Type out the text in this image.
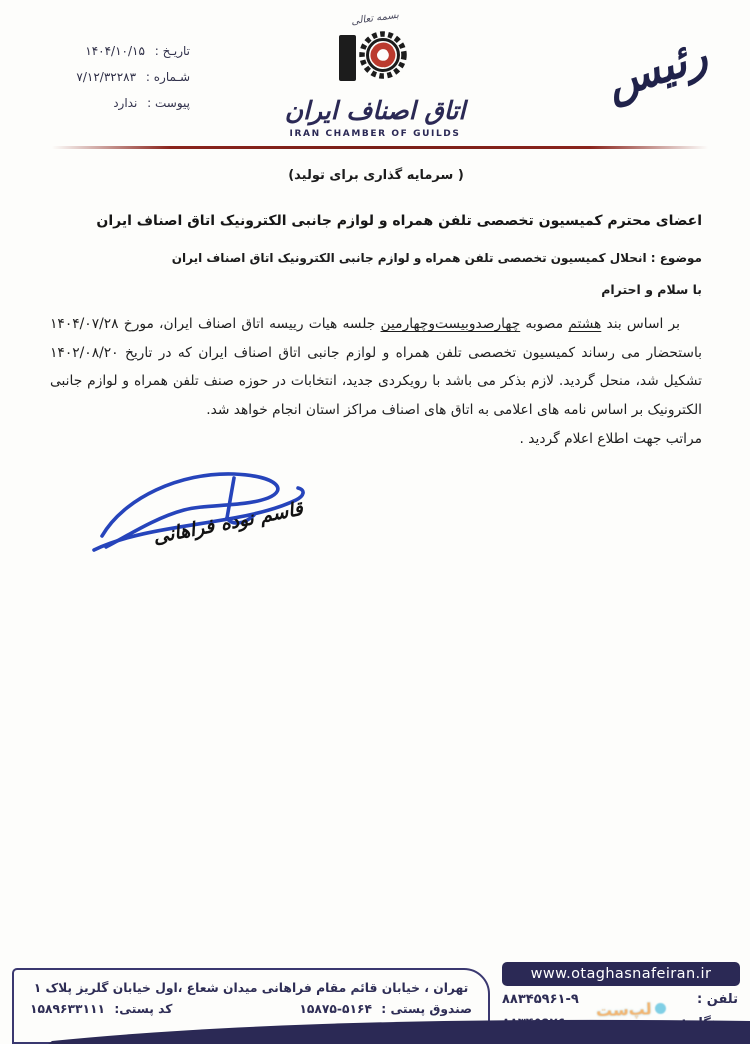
تاریـخ : ۱۴۰۴/۱۰/۱۵
شـماره : ۷/۱۲/۳۲۲۸۳
پیوست : ندارد
بسمه تعالی

اتاق اصناف ایران
IRAN CHAMBER OF GUILDS
رئیس
( سرمایه گذاری برای تولید)
اعضای محترم کمیسیون تخصصی تلفن همراه و لوازم جانبی الکترونیک اتاق اصناف ایران
موضوع : انحلال کمیسیون تخصصی تلفن همراه و لوازم جانبی الکترونیک اتاق اصناف ایران
با سلام و احترام
بر اساس بند هشتم مصوبه چهارصدوبیست‌وچهارمین جلسه هیات رییسه اتاق اصناف ایران، مورخ ۱۴۰۴/۰۷/۲۸ باستحضار می رساند کمیسیون تخصصی تلفن همراه و لوازم جانبی اتاق اصناف ایران که در تاریخ ۱۴۰۲/۰۸/۲۰ تشکیل شد، منحل گردید. لازم بذکر می باشد با رویکردی جدید، انتخابات در حوزه صنف تلفن همراه و لوازم جانبی الکترونیک بر اساس نامه های اعلامی به اتاق های اصناف مراکز استان انجام خواهد شد.
مراتب جهت اطلاع اعلام گردید .
قاسم نوده فراهانی
تهران ، خیابان قائم مقام فراهانی میدان شعاع ،اول خیابان گلریز پلاک ۱
صندوق پستی : ۱۵۸۷۵-۵۱۶۴
کد پستی: ۱۵۸۹۶۳۳۱۱۱
www.otaghasnafeiran.ir
تلفن :
۸۸۳۴۵۹۶۱-۹ لپ‌ست
